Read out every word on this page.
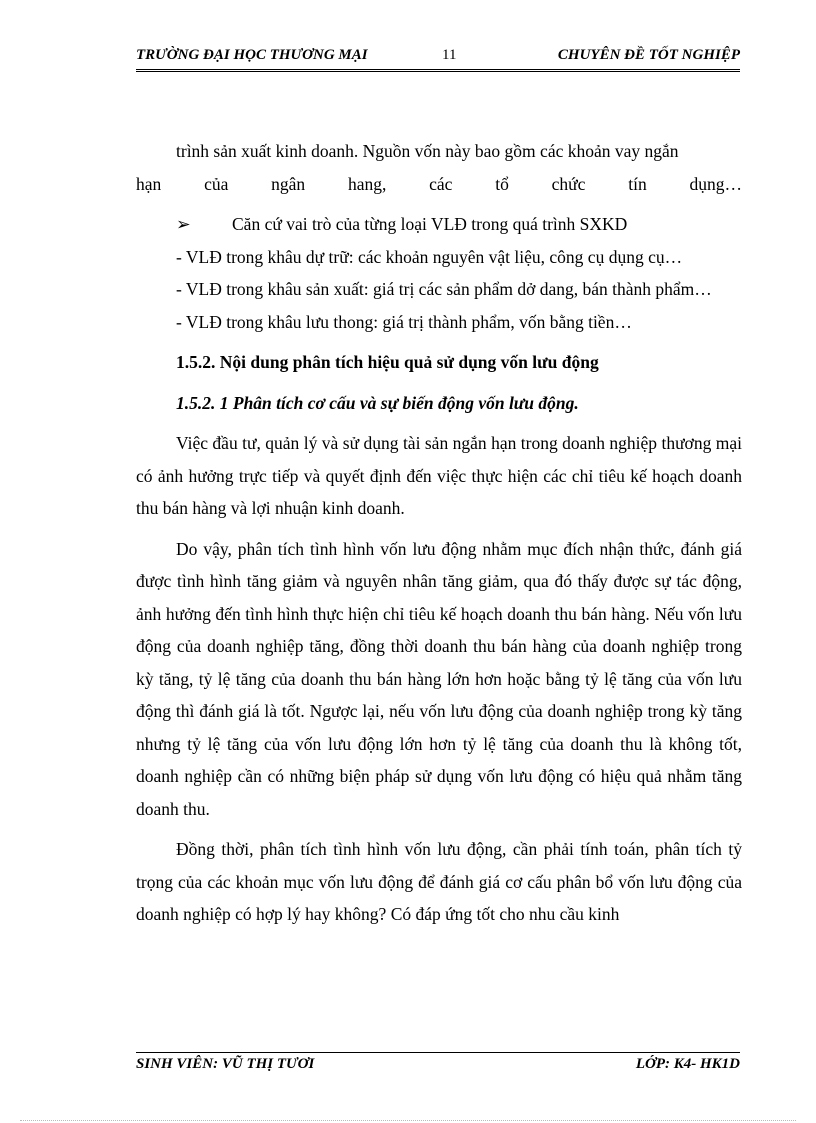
TRƯỜNG ĐẠI HỌC THƯƠNG MẠI	11	CHUYÊN ĐỀ TỐT NGHIỆP

trình sản xuất kinh doanh. Nguồn vốn này bao gồm các khoản vay ngắn

hạn của ngân hang, các tổ chức tín dụng…

➢ Căn cứ vai trò của từng loại VLĐ trong quá trình SXKD

- VLĐ trong khâu dự trữ: các khoản nguyên vật liệu, công cụ dụng cụ…

- VLĐ trong khâu sản xuất: giá trị các sản phẩm dở dang, bán thành phẩm…

- VLĐ trong khâu lưu thong: giá trị thành phẩm, vốn bằng tiền…

1.5.2. Nội dung phân tích hiệu quả sử dụng vốn lưu động

1.5.2. 1 Phân tích cơ cấu và sự biến động vốn lưu động.

Việc đầu tư, quản lý và sử dụng tài sản ngắn hạn trong doanh nghiệp thương mại có ảnh hưởng trực tiếp và quyết định đến việc thực hiện các chỉ tiêu kế hoạch doanh thu bán hàng và lợi nhuận kinh doanh.

Do vậy, phân tích tình hình vốn lưu động nhằm mục đích nhận thức, đánh giá được tình hình tăng giảm và nguyên nhân tăng giảm, qua đó thấy được sự tác động, ảnh hưởng đến tình hình thực hiện chỉ tiêu kế hoạch doanh thu bán hàng. Nếu vốn lưu động của doanh nghiệp tăng, đồng thời doanh thu bán hàng của doanh nghiệp trong kỳ tăng, tỷ lệ tăng của doanh thu bán hàng lớn hơn hoặc bằng tỷ lệ tăng của vốn lưu động thì đánh giá là tốt. Ngược lại, nếu vốn lưu động của doanh nghiệp trong kỳ tăng nhưng tỷ lệ tăng của vốn lưu động lớn hơn tỷ lệ tăng của doanh thu là không tốt, doanh nghiệp cần có những biện pháp sử dụng vốn lưu động có hiệu quả nhằm tăng doanh thu.

Đồng thời, phân tích tình hình vốn lưu động, cần phải tính toán, phân tích tỷ trọng của các khoản mục vốn lưu động để đánh giá cơ cấu phân bổ vốn lưu động của doanh nghiệp có hợp lý hay không? Có đáp ứng tốt cho nhu cầu kinh

SINH VIÊN: VŨ THỊ TƯƠI	LỚP: K4- HK1D
